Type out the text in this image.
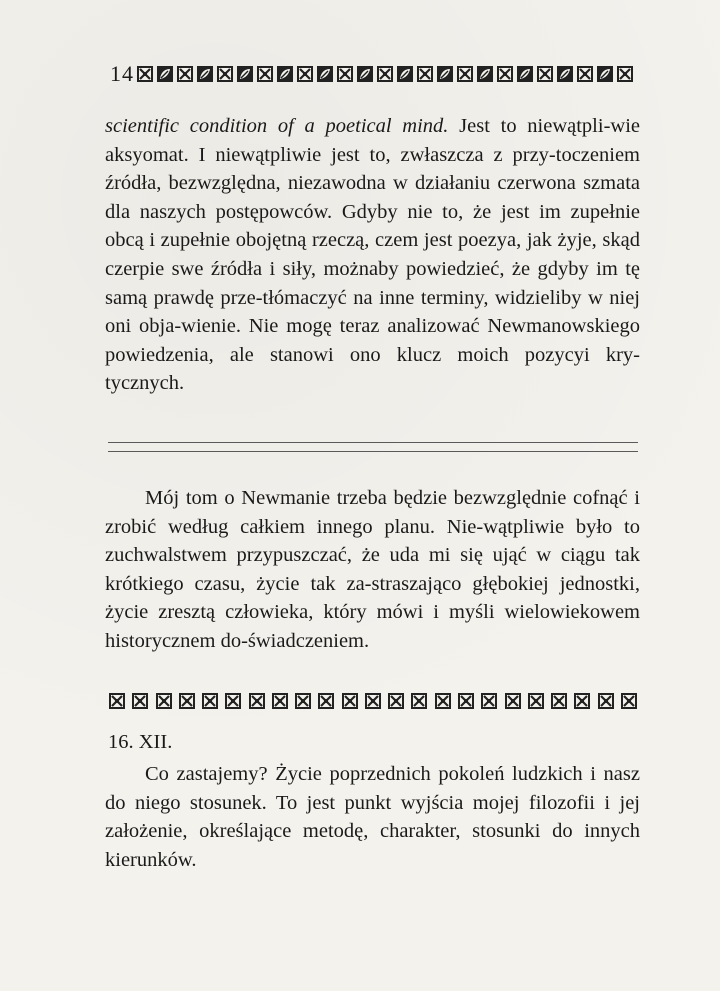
14

scientific condition of a poetical mind. Jest to niewątpli-wie aksyomat. I niewątpliwie jest to, zwłaszcza z przy-toczeniem źródła, bezwzględna, niezawodna w działaniu czerwona szmata dla naszych postępowców. Gdyby nie to, że jest im zupełnie obcą i zupełnie obojętną rzeczą, czem jest poezya, jak żyje, skąd czerpie swe źródła i siły, możnaby powiedzieć, że gdyby im tę samą prawdę prze-tłómaczyć na inne terminy, widzieliby w niej oni obja-wienie. Nie mogę teraz analizować Newmanowskiego powiedzenia, ale stanowi ono klucz moich pozycyi kry-tycznych.

Mój tom o Newmanie trzeba będzie bezwzględnie cofnąć i zrobić według całkiem innego planu. Nie-wątpliwie było to zuchwalstwem przypuszczać, że uda mi się ująć w ciągu tak krótkiego czasu, życie tak za-straszająco głębokiej jednostki, życie zresztą człowieka, który mówi i myśli wielowiekowem historycznem do-świadczeniem.

16. XII.

Co zastajemy? Życie poprzednich pokoleń ludzkich i nasz do niego stosunek. To jest punkt wyjścia mojej filozofii i jej założenie, określające metodę, charakter, stosunki do innych kierunków.
